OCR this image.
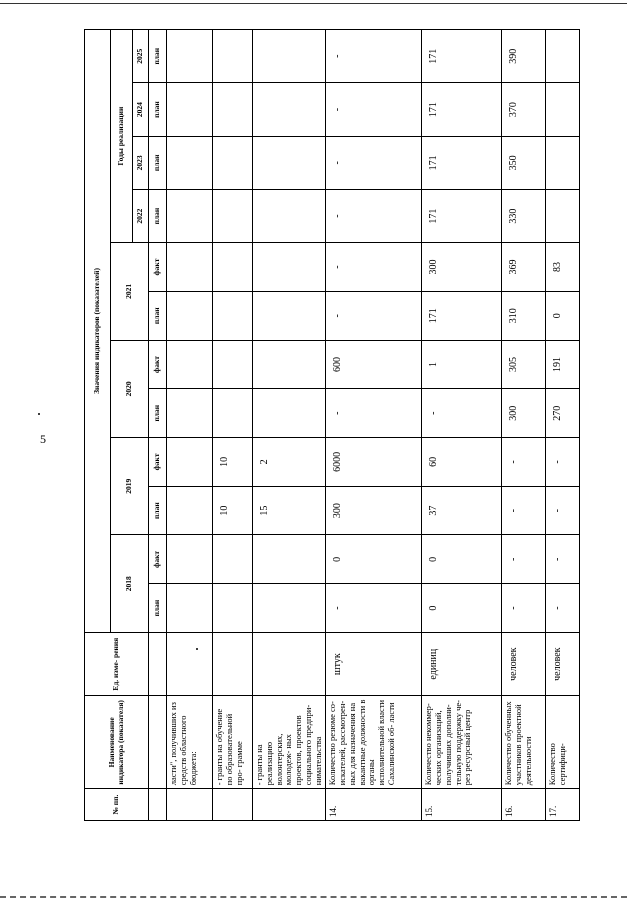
5
№ пп.	Наименование индикатора (показателя)	Ед. изме- рения	Значения индикаторов (показателей)											
			2018		2019		2020		2021		Годы реализации			
											2022	2023	2024	2025
			план	факт	план	факт	план	факт	план	факт	план	план	план	план
	ласти", получивших из средств областного бюджета:													
	- гранты на обучение по образовательной про- грамме				10	10								
	- гранты на реализацию волонтерских, молодеж- ных проектов, проектов социального предпри- нимательства				15	2								
14.	Количество резюме со- искателей, рассмотрен- ных для назначения на вакантные должности в органы исполнительной власти Сахалинской об- ласти	штук	-	0	300	6000	-	600	-	-	-	-	-	-
15.	Количество некоммер- ческих организаций, получивших дополни- тельную поддержку че- рез ресурсный центр	единиц	0	0	37	60	-	1	171	300	171	171	171	171
16.	Количество обученных участников проектной деятельности	человек	-	-	-	-	300	305	310	369	330	350	370	390
17.	Количество сертифици-	человек	-	-	-	-	270	191	0	83				
